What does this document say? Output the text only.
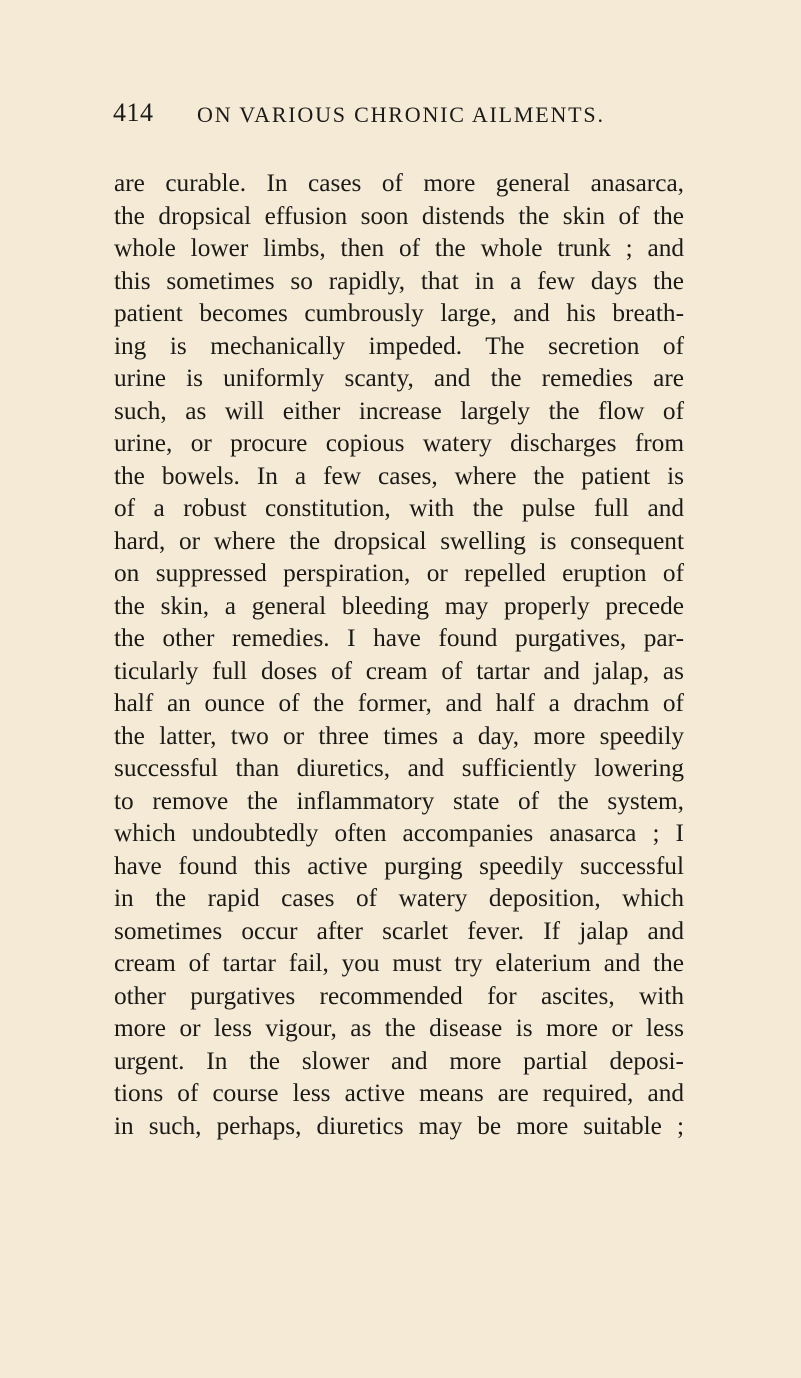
414 ON VARIOUS CHRONIC AILMENTS.
are curable. In cases of more general anasarca,
the dropsical effusion soon distends the skin of the
whole lower limbs, then of the whole trunk ; and
this sometimes so rapidly, that in a few days the
patient becomes cumbrously large, and his breath-
ing is mechanically impeded. The secretion of
urine is uniformly scanty, and the remedies are
such, as will either increase largely the flow of
urine, or procure copious watery discharges from
the bowels. In a few cases, where the patient is
of a robust constitution, with the pulse full and
hard, or where the dropsical swelling is consequent
on suppressed perspiration, or repelled eruption of
the skin, a general bleeding may properly precede
the other remedies. I have found purgatives, par-
ticularly full doses of cream of tartar and jalap, as
half an ounce of the former, and half a drachm of
the latter, two or three times a day, more speedily
successful than diuretics, and sufficiently lowering
to remove the inflammatory state of the system,
which undoubtedly often accompanies anasarca ; I
have found this active purging speedily successful
in the rapid cases of watery deposition, which
sometimes occur after scarlet fever. If jalap and
cream of tartar fail, you must try elaterium and the
other purgatives recommended for ascites, with
more or less vigour, as the disease is more or less
urgent. In the slower and more partial deposi-
tions of course less active means are required, and
in such, perhaps, diuretics may be more suitable ;
